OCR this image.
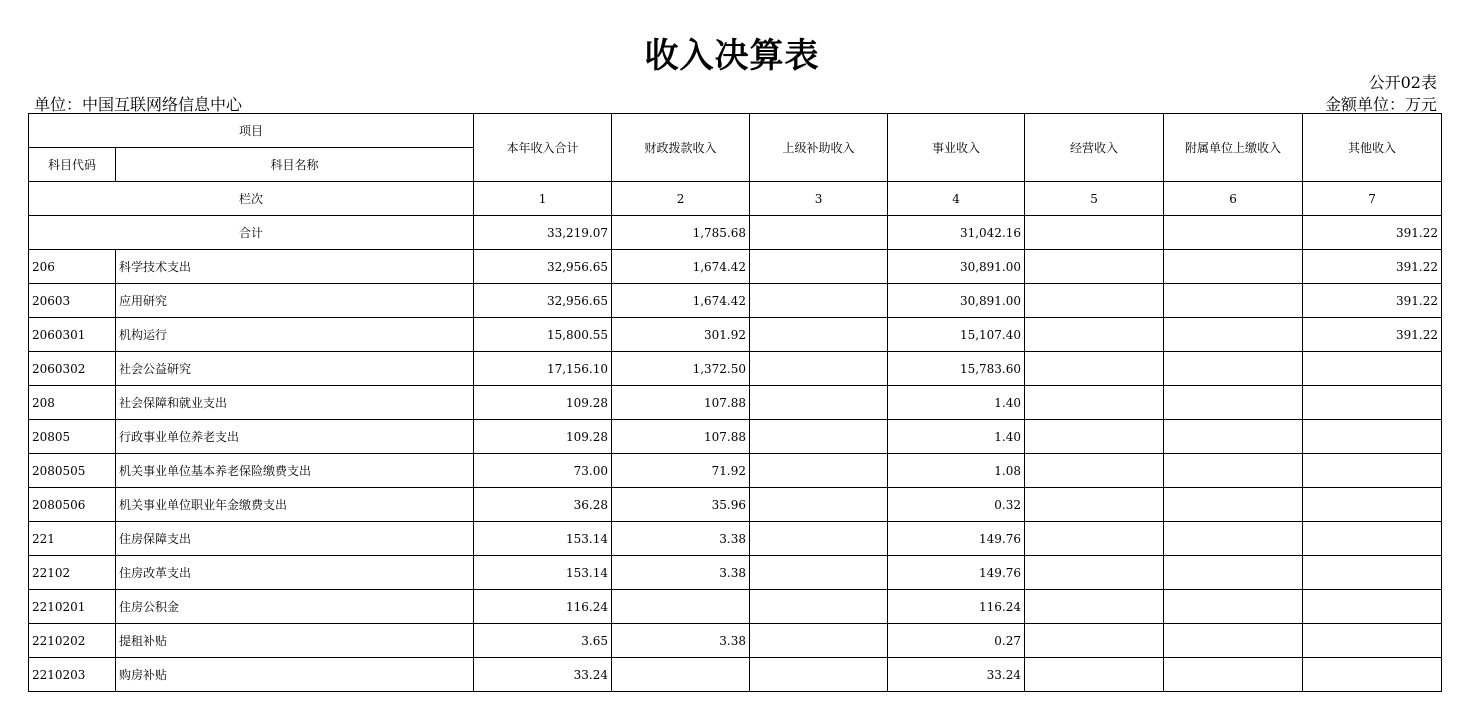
收入决算表
公开02表
单位：中国互联网络信息中心	金额单位：万元
项目		本年收入合计	财政拨款收入	上级补助收入	事业收入	经营收入	附属单位上缴收入	其他收入
科目代码	科目名称							
栏次		1	2	3	4	5	6	7
合计		33,219.07	1,785.68		31,042.16			391.22
206	科学技术支出	32,956.65	1,674.42		30,891.00			391.22
20603	应用研究	32,956.65	1,674.42		30,891.00			391.22
2060301	机构运行	15,800.55	301.92		15,107.40			391.22
2060302	社会公益研究	17,156.10	1,372.50		15,783.60			
208	社会保障和就业支出	109.28	107.88		1.40			
20805	行政事业单位养老支出	109.28	107.88		1.40			
2080505	机关事业单位基本养老保险缴费支出	73.00	71.92		1.08			
2080506	机关事业单位职业年金缴费支出	36.28	35.96		0.32			
221	住房保障支出	153.14	3.38		149.76			
22102	住房改革支出	153.14	3.38		149.76			
2210201	住房公积金	116.24			116.24			
2210202	提租补贴	3.65	3.38		0.27			
2210203	购房补贴	33.24			33.24			
